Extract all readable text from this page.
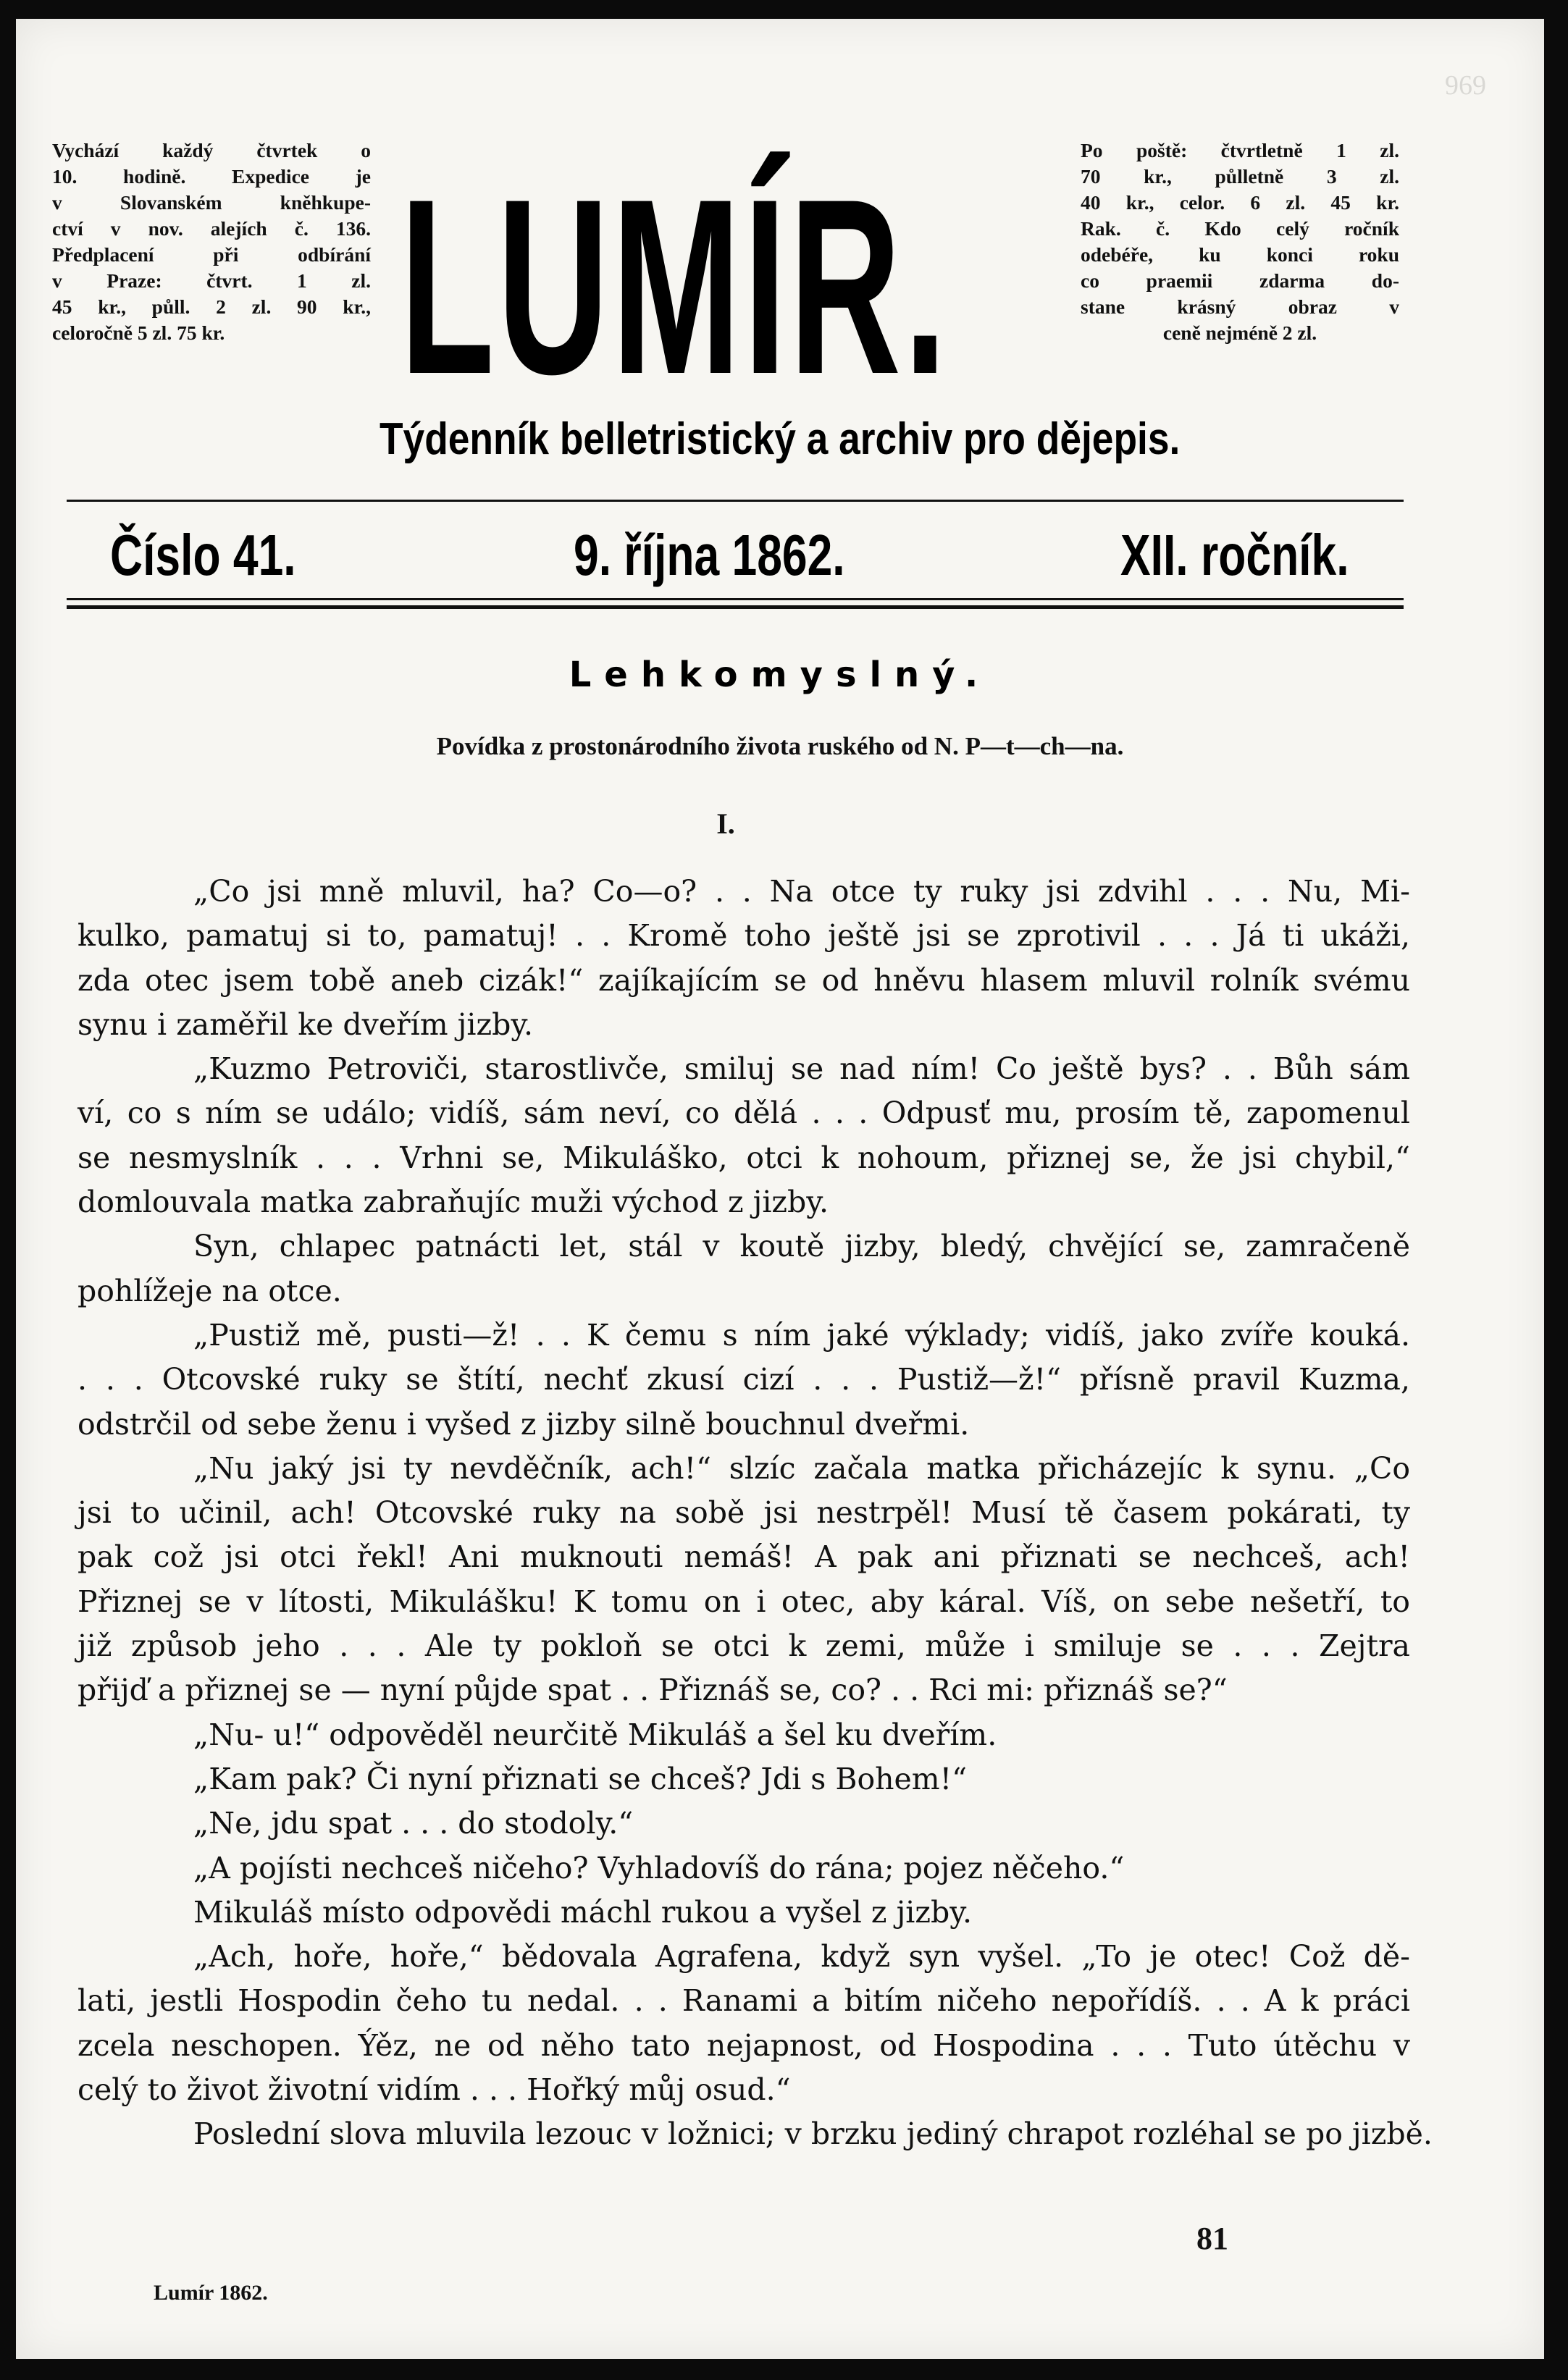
969
Vychází každý čtvrtek o
10. hodině. Expedice je
v Slovanském kněhkupe-
ctví v nov. alejích č. 136.
Předplacení při odbírání
v Praze: čtvrt. 1 zl.
45 kr., půll. 2 zl. 90 kr.,
celoročně 5 zl. 75 kr. LUMÍR.	Po poště: čtvrtletně 1 zl.
70 kr., půlletně 3 zl.
40 kr., celor. 6 zl. 45 kr.
Rak. č. Kdo celý ročník
odebéře, ku konci roku
co praemii zdarma do-
stane krásný obraz v
ceně nejméně 2 zl.
Týdenník belletristický a archiv pro dějepis.
Číslo 41.	9. října 1862.	XII. ročník.
Lehkomyslný.
Povídka z prostonárodního života ruského od N. P—t—ch—na.
I.
„Co jsi mně mluvil, ha? Co—o? . . Na otce ty ruky jsi zdvihl . . . Nu, Mi-
kulko, pamatuj si to, pamatuj! . . Kromě toho ještě jsi se zprotivil . . . Já ti ukáži,
zda otec jsem tobě aneb cizák!“ zajíkajícím se od hněvu hlasem mluvil rolník svému
synu i zaměřil ke dveřím jizby.
„Kuzmo Petroviči, starostlivče, smiluj se nad ním! Co ještě bys? . . Bůh sám
ví, co s ním se událo; vidíš, sám neví, co dělá . . . Odpusť mu, prosím tě, zapomenul
se nesmyslník . . . Vrhni se, Mikuláško, otci k nohoum, přiznej se, že jsi chybil,“
domlouvala matka zabraňujíc muži východ z jizby.
Syn, chlapec patnácti let, stál v koutě jizby, bledý, chvějící se, zamračeně
pohlížeje na otce.
„Pustiž mě, pusti—ž! . . K čemu s ním jaké výklady; vidíš, jako zvíře kouká.
. . . Otcovské ruky se štítí, nechť zkusí cizí . . . Pustiž—ž!“ přísně pravil Kuzma,
odstrčil od sebe ženu i vyšed z jizby silně bouchnul dveřmi.
„Nu jaký jsi ty nevděčník, ach!“ slzíc začala matka přicházejíc k synu. „Co
jsi to učinil, ach! Otcovské ruky na sobě jsi nestrpěl! Musí tě časem pokárati, ty
pak což jsi otci řekl! Ani muknouti nemáš! A pak ani přiznati se nechceš, ach!
Přiznej se v lítosti, Mikulášku! K tomu on i otec, aby káral. Víš, on sebe nešetří, to
již způsob jeho . . . Ale ty pokloň se otci k zemi, může i smiluje se . . . Zejtra
přijď a přiznej se — nyní půjde spat . . Přiznáš se, co? . . Rci mi: přiznáš se?“
„Nu- u!“ odpověděl neurčitě Mikuláš a šel ku dveřím.
„Kam pak? Či nyní přiznati se chceš? Jdi s Bohem!“
„Ne, jdu spat . . . do stodoly.“
„A pojísti nechceš ničeho? Vyhladovíš do rána; pojez něčeho.“
Mikuláš místo odpovědi máchl rukou a vyšel z jizby.
„Ach, hoře, hoře,“ bědovala Agrafena, když syn vyšel. „To je otec! Což dě-
lati, jestli Hospodin čeho tu nedal. . . Ranami a bitím ničeho nepořídíš. . . A k práci
zcela neschopen. Ýěz, ne od něho tato nejapnost, od Hospodina . . . Tuto útěchu v
celý to život životní vidím . . . Hořký můj osud.“
Poslední slova mluvila lezouc v ložnici; v brzku jediný chrapot rozléhal se po jizbě.
81
Lumír 1862.
